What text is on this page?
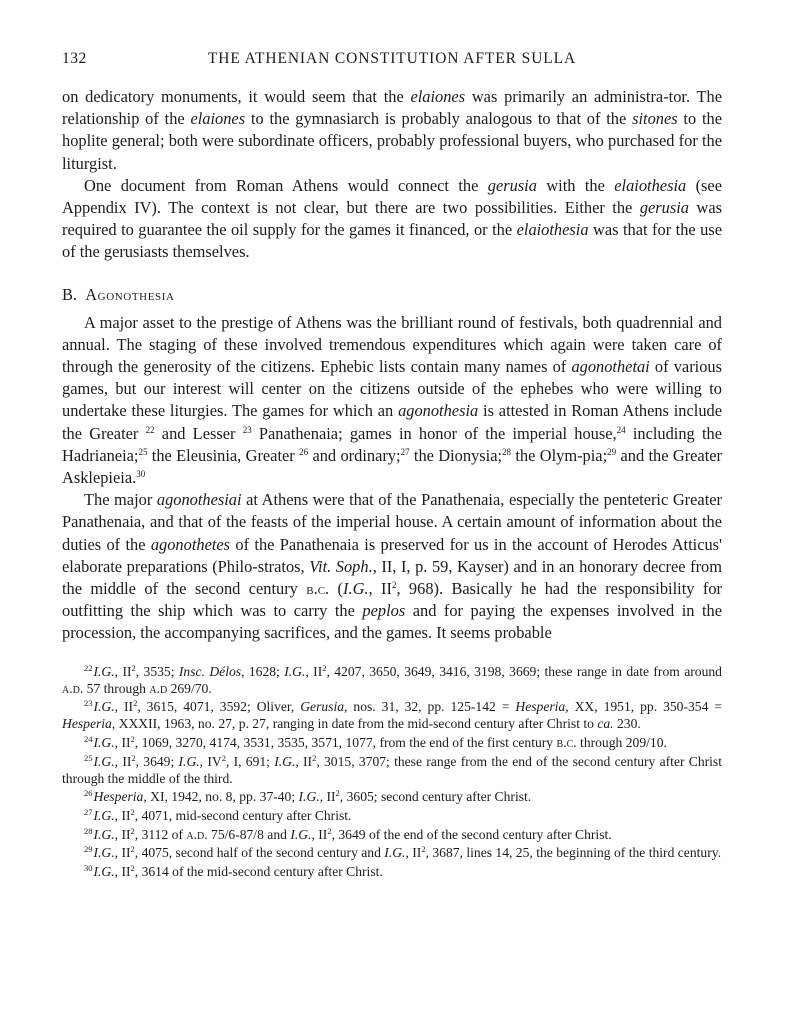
132	THE ATHENIAN CONSTITUTION AFTER SULLA

on dedicatory monuments, it would seem that the elaiones was primarily an administra-tor. The relationship of the elaiones to the gymnasiarch is probably analogous to that of the sitones to the hoplite general; both were subordinate officers, probably professional buyers, who purchased for the liturgist.

One document from Roman Athens would connect the gerusia with the elaiothesia (see Appendix IV). The context is not clear, but there are two possibilities. Either the gerusia was required to guarantee the oil supply for the games it financed, or the elaiothesia was that for the use of the gerusiasts themselves.

B. Agonothesia

A major asset to the prestige of Athens was the brilliant round of festivals, both quadrennial and annual. The staging of these involved tremendous expenditures which again were taken care of through the generosity of the citizens. Ephebic lists contain many names of agonothetai of various games, but our interest will center on the citizens outside of the ephebes who were willing to undertake these liturgies. The games for which an agonothesia is attested in Roman Athens include the Greater $^{22}$ and Lesser $^{23}$ Panathenaia; games in honor of the imperial house,$^{24}$ including the Hadrianeia;$^{25}$ the Eleusinia, Greater $^{26}$ and ordinary;$^{27}$ the Dionysia;$^{28}$ the Olym-pia;$^{29}$ and the Greater Asklepieia.$^{30}$

The major agonothesiai at Athens were that of the Panathenaia, especially the penteteric Greater Panathenaia, and that of the feasts of the imperial house. A certain amount of information about the duties of the agonothetes of the Panathenaia is preserved for us in the account of Herodes Atticus' elaborate preparations (Philo-stratos, Vit. Soph., II, I, p. 59, Kayser) and in an honorary decree from the middle of the second century b.c. (I.G., $II^2$, 968). Basically he had the responsibility for outfitting the ship which was to carry the peplos and for paying the expenses involved in the procession, the accompanying sacrifices, and the games. It seems probable

$^{22}$I.G., $II^2$, 3535; Insc. Délos, 1628; I.G., $II^2$, 4207, 3650, 3649, 3416, 3198, 3669; these range in date from around a.d. 57 through a.d 269/70.

$^{23}$I.G., $II^2$, 3615, 4071, 3592; Oliver, Gerusia, nos. 31, 32, pp. 125-142 = Hesperia, XX, 1951, pp. 350-354 = Hesperia, XXXII, 1963, no. 27, p. 27, ranging in date from the mid-second century after Christ to ca. 230.

$^{24}$I.G., $II^2$, 1069, 3270, 4174, 3531, 3535, 3571, 1077, from the end of the first century b.c. through 209/10.

$^{25}$I.G., $II^2$, 3649; I.G., $IV^2$, I, 691; I.G., $II^2$, 3015, 3707; these range from the end of the second century after Christ through the middle of the third.

$^{26}$Hesperia, XI, 1942, no. 8, pp. 37-40; I.G., $II^2$, 3605; second century after Christ.

$^{27}$I.G., $II^2$, 4071, mid-second century after Christ.

$^{28}$I.G., $II^2$, 3112 of a.d. 75/6-87/8 and I.G., $II^2$, 3649 of the end of the second century after Christ.

$^{29}$I.G., $II^2$, 4075, second half of the second century and I.G., $II^2$, 3687, lines 14, 25, the beginning of the third century.

$^{30}$I.G., $II^2$, 3614 of the mid-second century after Christ.
